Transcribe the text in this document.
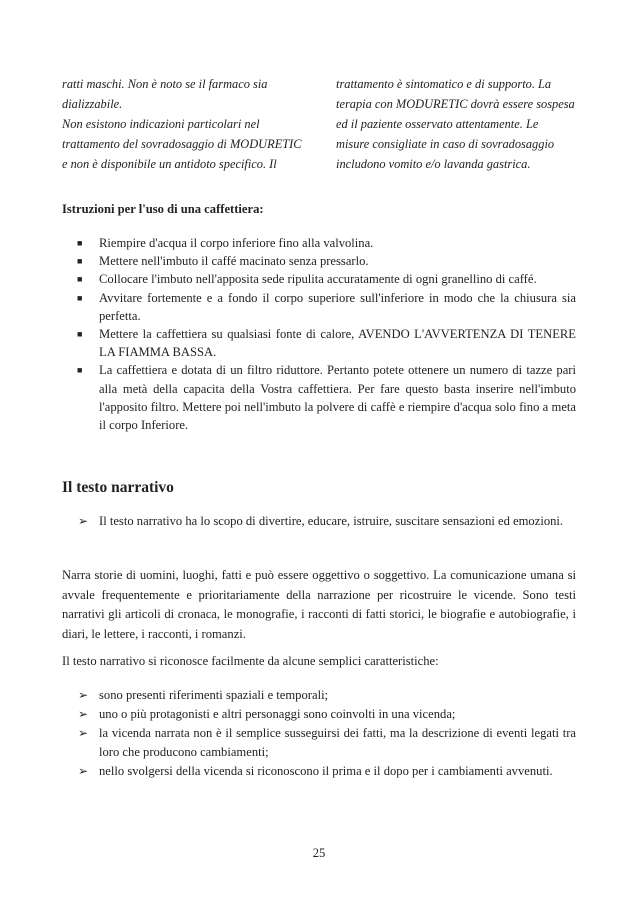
ratti maschi. Non è noto se il farmaco sia
dializzabile.
Non esistono indicazioni particolari nel
trattamento del sovradosaggio di MODURETIC
e non è disponibile un antidoto specifico. Il
trattamento è sintomatico e di supporto. La
terapia con MODURETIC dovrà essere sospesa
ed il paziente osservato attentamente. Le
misure consigliate in caso di sovradosaggio
includono vomito e/o lavanda gastrica.
Istruzioni per l'uso di una caffettiera:
■ Riempire d'acqua il corpo inferiore fino alla valvolina.
■ Mettere nell'imbuto il caffé macinato senza pressarlo.
■ Collocare l'imbuto nell'apposita sede ripulita accuratamente di ogni granellino di caffé.
■ Avvitare fortemente e a fondo il corpo superiore sull'inferiore in modo che la chiusura sia perfetta.
■ Mettere la caffettiera su qualsiasi fonte di calore, AVENDO L'AVVERTENZA DI TENERE LA FIAMMA BASSA.
■ La caffettiera e dotata di un filtro riduttore. Pertanto potete ottenere un numero di tazze pari alla metà della capacita della Vostra caffettiera. Per fare questo basta inserire nell'imbuto l'apposito filtro. Mettere poi nell'imbuto la polvere di caffè e riempire d'acqua solo fino a meta il corpo Inferiore.
Il testo narrativo
➢ Il testo narrativo ha lo scopo di divertire, educare, istruire, suscitare sensazioni ed emozioni.

Narra storie di uomini, luoghi, fatti e può essere oggettivo o soggettivo. La comunicazione umana si avvale frequentemente e prioritariamente della narrazione per ricostruire le vicende. Sono testi narrativi gli articoli di cronaca, le monografie, i racconti di fatti storici, le biografie e autobiografie, i diari, le lettere, i racconti, i romanzi.

Il testo narrativo si riconosce facilmente da alcune semplici caratteristiche:

➢ sono presenti riferimenti spaziali e temporali;
➢ uno o più protagonisti e altri personaggi sono coinvolti in una vicenda;
➢ la vicenda narrata non è il semplice susseguirsi dei fatti, ma la descrizione di eventi legati tra loro che producono cambiamenti;
➢ nello svolgersi della vicenda si riconoscono il prima e il dopo per i cambiamenti avvenuti.
25
